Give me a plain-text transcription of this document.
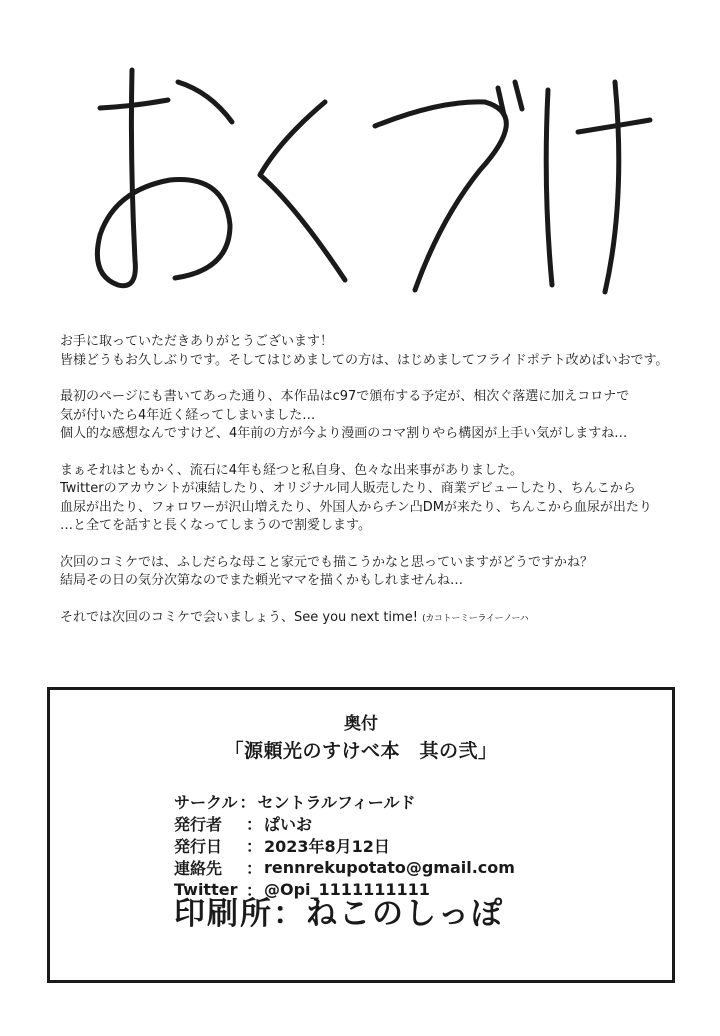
お手に取っていただきありがとうございます！
皆様どうもお久しぶりです。そしてはじめましての方は、はじめましてフライドポテト改めぱいおです。
最初のページにも書いてあった通り、本作品はc97で頒布する予定が、相次ぐ落選に加えコロナで
気が付いたら4年近く経ってしまいました…
個人的な感想なんですけど、4年前の方が今より漫画のコマ割りやら構図が上手い気がしますね…
まぁそれはともかく、流石に4年も経つと私自身、色々な出来事がありました。
Twitterのアカウントが凍結したり、オリジナル同人販売したり、商業デビューしたり、ちんこから
血尿が出たり、フォロワーが沢山増えたり、外国人からチン凸DMが来たり、ちんこから血尿が出たり
…と全てを話すと長くなってしまうので割愛します。
次回のコミケでは、ふしだらな母こと家元でも描こうかなと思っていますがどうですかね？
結局その日の気分次第なのでまた頼光ママを描くかもしれませんね…
それでは次回のコミケで会いましょう、See you next time! (カコトーミーライーノーハ
奥付
「源頼光のすけべ本　其の弐」
サークル ： セントラルフィールド
発行者	： ぱいお
発行日	： 2023年8月12日
連絡先	： rennrekupotato@gmail.com
Twitter ： @Opi_1111111111
印刷所：ねこのしっぽ
